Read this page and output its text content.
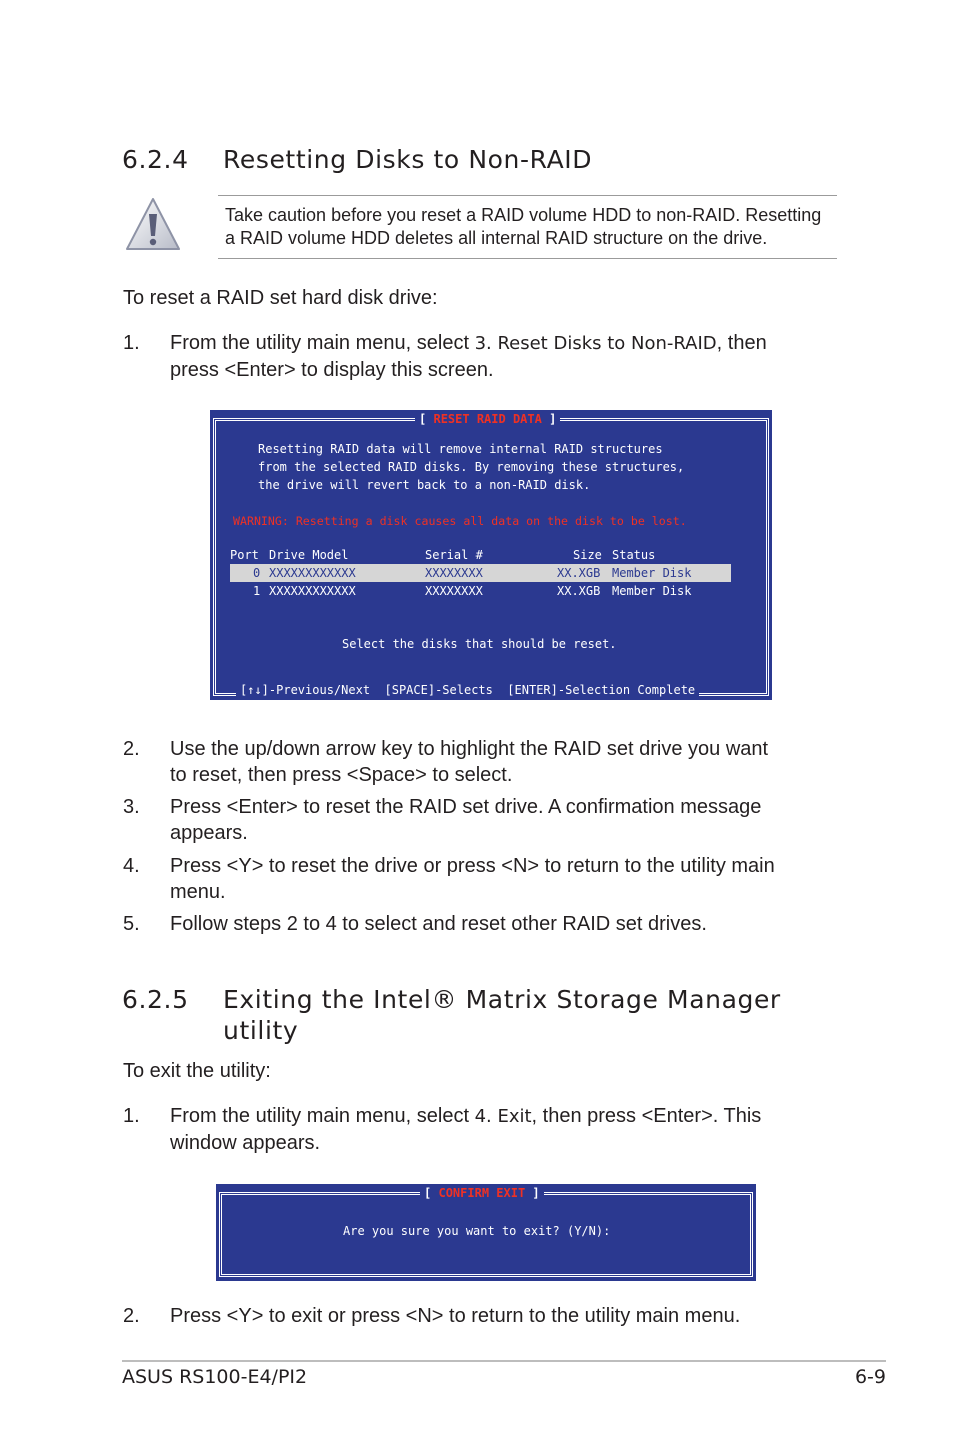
6.2.4 Resetting Disks to Non-RAID
Take caution before you reset a RAID volume HDD to non-RAID. Resetting
a RAID volume HDD deletes all internal RAID structure on the drive.
To reset a RAID set hard disk drive:
1. From the utility main menu, select 3. Reset Disks to Non-RAID, then
press <Enter> to display this screen.
[ RESET RAID DATA ]
Resetting RAID data will remove internal RAID structures
from the selected RAID disks. By removing these structures,
the drive will revert back to a non-RAID disk.
WARNING: Resetting a disk causes all data on the disk to be lost.
Port Drive Model	Serial #	Size Status
0 XXXXXXXXXXXX	XXXXXXXX	XX.XGB Member Disk
1 XXXXXXXXXXXX	XXXXXXXX	XX.XGB Member Disk
Select the disks that should be reset.
[↑↓]-Previous/Next  [SPACE]-Selects  [ENTER]-Selection Complete
2. Use the up/down arrow key to highlight the RAID set drive you want
to reset, then press <Space> to select.
3. Press <Enter> to reset the RAID set drive. A confirmation message
appears.
4. Press <Y> to reset the drive or press <N> to return to the utility main
menu.
5. Follow steps 2 to 4 to select and reset other RAID set drives.
6.2.5 Exiting the Intel® Matrix Storage Manager
utility
To exit the utility:
1. From the utility main menu, select 4. Exit, then press <Enter>. This
window appears.
[ CONFIRM EXIT ]
Are you sure you want to exit? (Y/N):
2. Press <Y> to exit or press <N> to return to the utility main menu.
ASUS RS100-E4/PI2	6-9
